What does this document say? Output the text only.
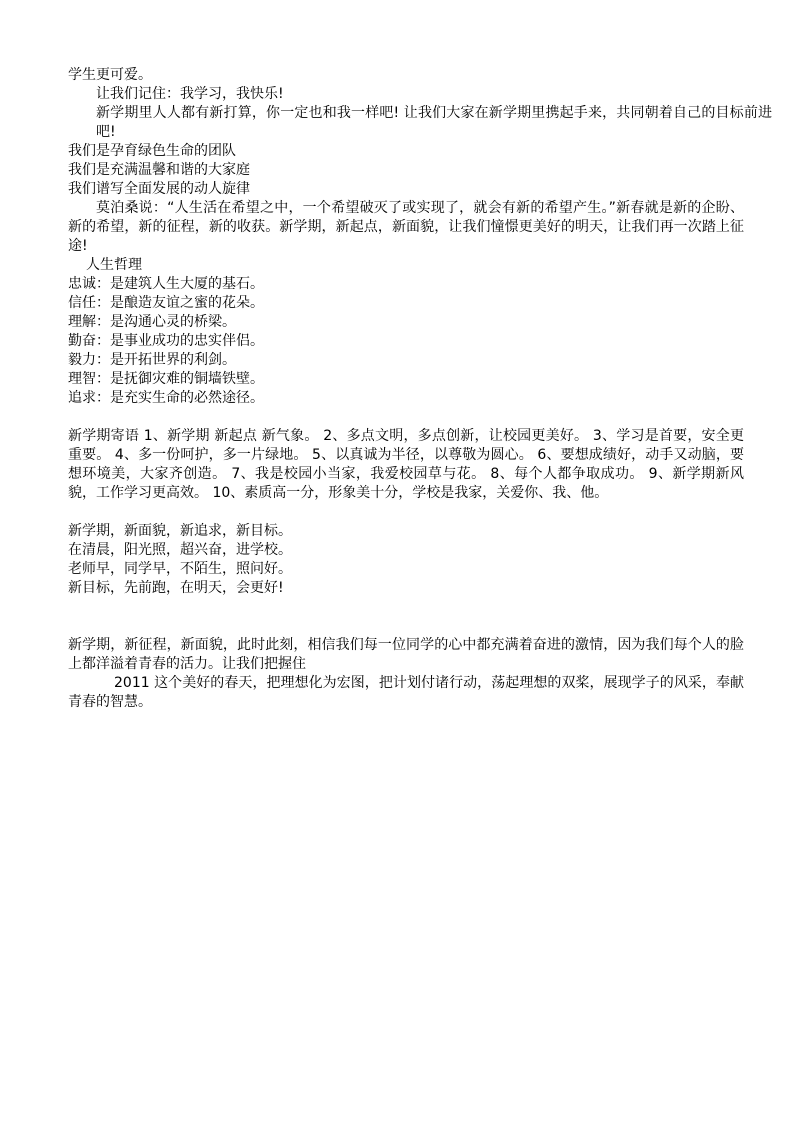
学生更可爱。
让我们记住：我学习，我快乐!
新学期里人人都有新打算，你一定也和我一样吧! 让我们大家在新学期里携起手来，共同朝着自己的目标前进吧!
我们是孕育绿色生命的团队
我们是充满温馨和谐的大家庭
我们谱写全面发展的动人旋律
莫泊桑说：“人生活在希望之中，一个希望破灭了或实现了，就会有新的希望产生。”新春就是新的企盼、新的希望，新的征程，新的收获。新学期，新起点，新面貌，让我们憧憬更美好的明天，让我们再一次踏上征途!
人生哲理
忠诚：是建筑人生大厦的基石。
信任：是酿造友谊之蜜的花朵。
理解：是沟通心灵的桥梁。
勤奋：是事业成功的忠实伴侣。
毅力：是开拓世界的利剑。
理智：是抚御灾难的铜墙铁壁。
追求：是充实生命的必然途径。
新学期寄语 1、新学期 新起点 新气象。 2、多点文明，多点创新，让校园更美好。 3、学习是首要，安全更重要。 4、多一份呵护，多一片绿地。 5、以真诚为半径，以尊敬为圆心。 6、要想成绩好，动手又动脑，要想环境美，大家齐创造。 7、我是校园小当家，我爱校园草与花。 8、每个人都争取成功。 9、新学期新风貌，工作学习更高效。 10、素质高一分，形象美十分，学校是我家，关爱你、我、他。
新学期，新面貌，新追求，新目标。
在清晨，阳光照，超兴奋，进学校。
老师早，同学早，不陌生，照问好。
新目标，先前跑，在明天，会更好!
新学期，新征程，新面貌，此时此刻，相信我们每一位同学的心中都充满着奋进的激情，因为我们每个人的脸上都洋溢着青春的活力。让我们把握住
2011 这个美好的春天，把理想化为宏图，把计划付诸行动，荡起理想的双桨，展现学子的风采，奉献青春的智慧。
